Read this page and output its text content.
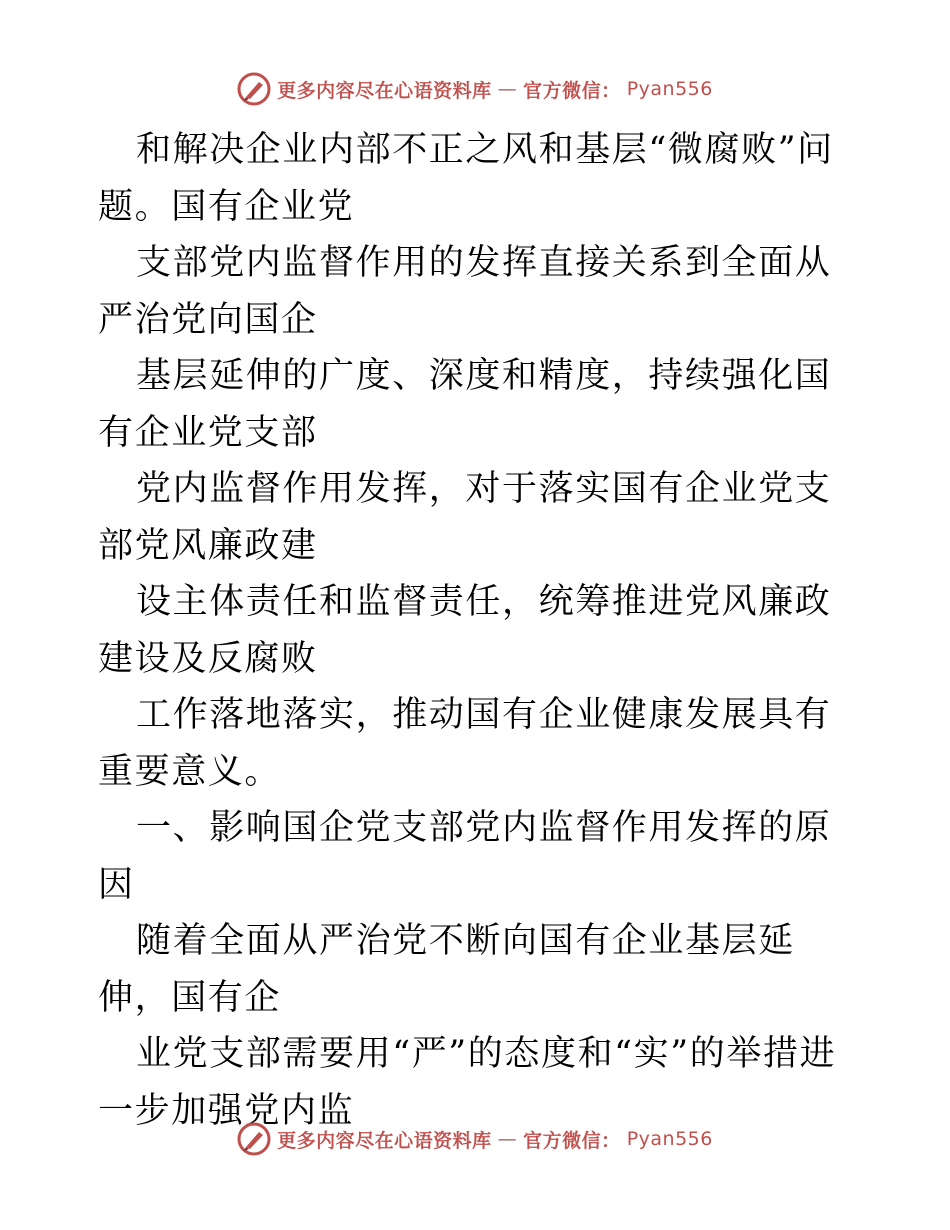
更多内容尽在心语资料库 — 官方微信： Pyan556

和解决企业内部不正之风和基层“微腐败”问题。国有企业党

支部党内监督作用的发挥直接关系到全面从严治党向国企

基层延伸的广度、深度和精度，持续强化国有企业党支部

党内监督作用发挥，对于落实国有企业党支部党风廉政建

设主体责任和监督责任，统筹推进党风廉政建设及反腐败

工作落地落实，推动国有企业健康发展具有重要意义。

一、影响国企党支部党内监督作用发挥的原因

随着全面从严治党不断向国有企业基层延伸，国有企

业党支部需要用“严”的态度和“实”的举措进一步加强党内监

更多内容尽在心语资料库 — 官方微信： Pyan556
